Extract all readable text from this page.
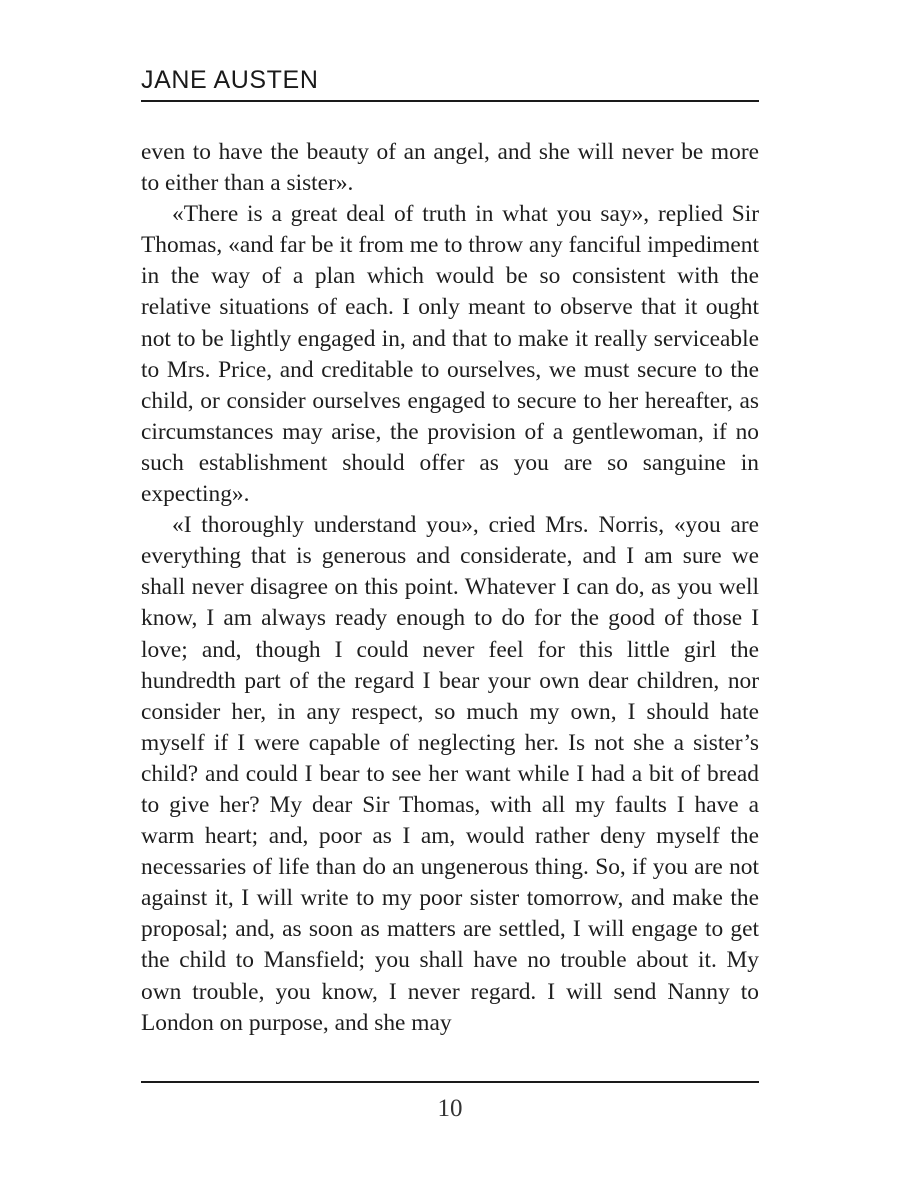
JANE AUSTEN

even to have the beauty of an angel, and she will never be more to either than a sister».

«There is a great deal of truth in what you say», replied Sir Thomas, «and far be it from me to throw any fanciful impediment in the way of a plan which would be so consistent with the relative situations of each. I only meant to observe that it ought not to be lightly engaged in, and that to make it really serviceable to Mrs. Price, and creditable to ourselves, we must secure to the child, or consider ourselves engaged to secure to her hereafter, as circumstances may arise, the provision of a gentlewoman, if no such establishment should offer as you are so sanguine in expecting».

«I thoroughly understand you», cried Mrs. Norris, «you are everything that is generous and considerate, and I am sure we shall never disagree on this point. Whatever I can do, as you well know, I am always ready enough to do for the good of those I love; and, though I could never feel for this little girl the hundredth part of the regard I bear your own dear children, nor consider her, in any respect, so much my own, I should hate myself if I were capable of neglecting her. Is not she a sister’s child? and could I bear to see her want while I had a bit of bread to give her? My dear Sir Thomas, with all my faults I have a warm heart; and, poor as I am, would rather deny myself the necessaries of life than do an ungenerous thing. So, if you are not against it, I will write to my poor sister tomorrow, and make the proposal; and, as soon as matters are settled, I will engage to get the child to Mansfield; you shall have no trouble about it. My own trouble, you know, I never regard. I will send Nanny to London on purpose, and she may

10
